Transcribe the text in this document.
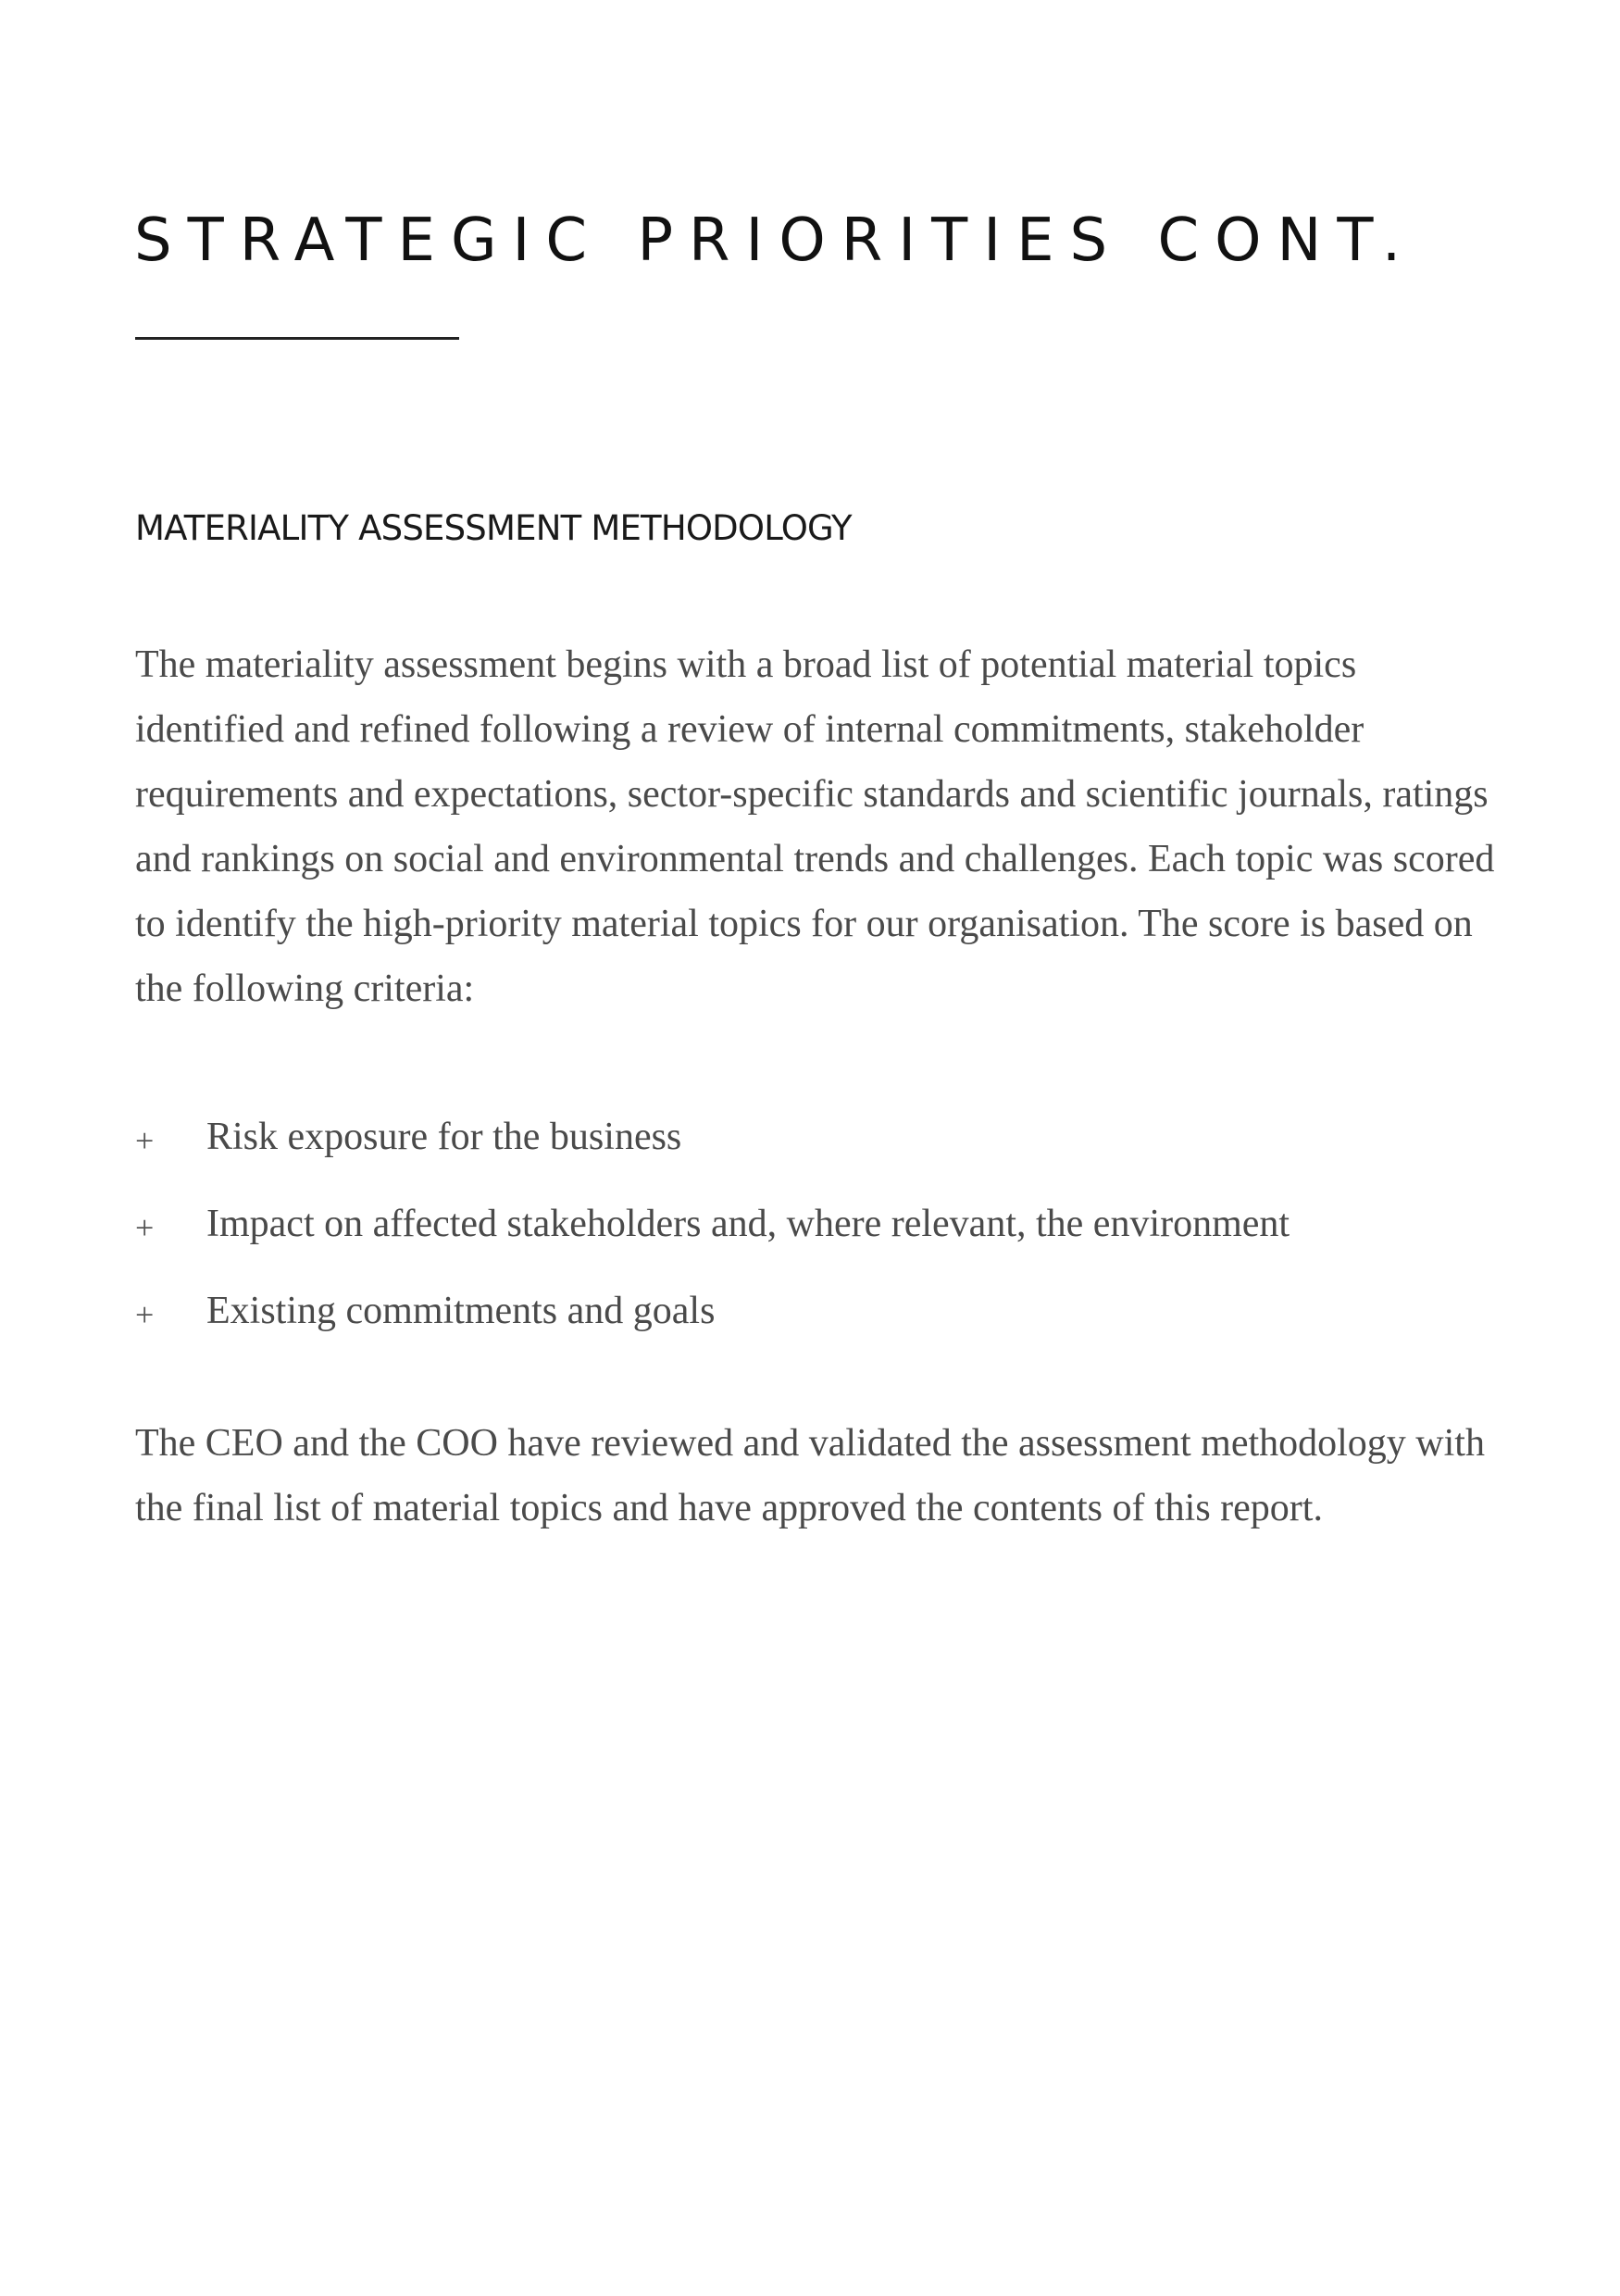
STRATEGIC PRIORITIES CONT.
MATERIALITY ASSESSMENT METHODOLOGY

The materiality assessment begins with a broad list of potential material topics identified and refined following a review of internal commitments, stakeholder requirements and expectations, sector-specific standards and scientific journals, ratings and rankings on social and environmental trends and challenges. Each topic was scored to identify the high-priority material topics for our organisation. The score is based on the following criteria:

+ Risk exposure for the business
+ Impact on affected stakeholders and, where relevant, the environment
+ Existing commitments and goals

The CEO and the COO have reviewed and validated the assessment methodology with the final list of material topics and have approved the contents of this report.
